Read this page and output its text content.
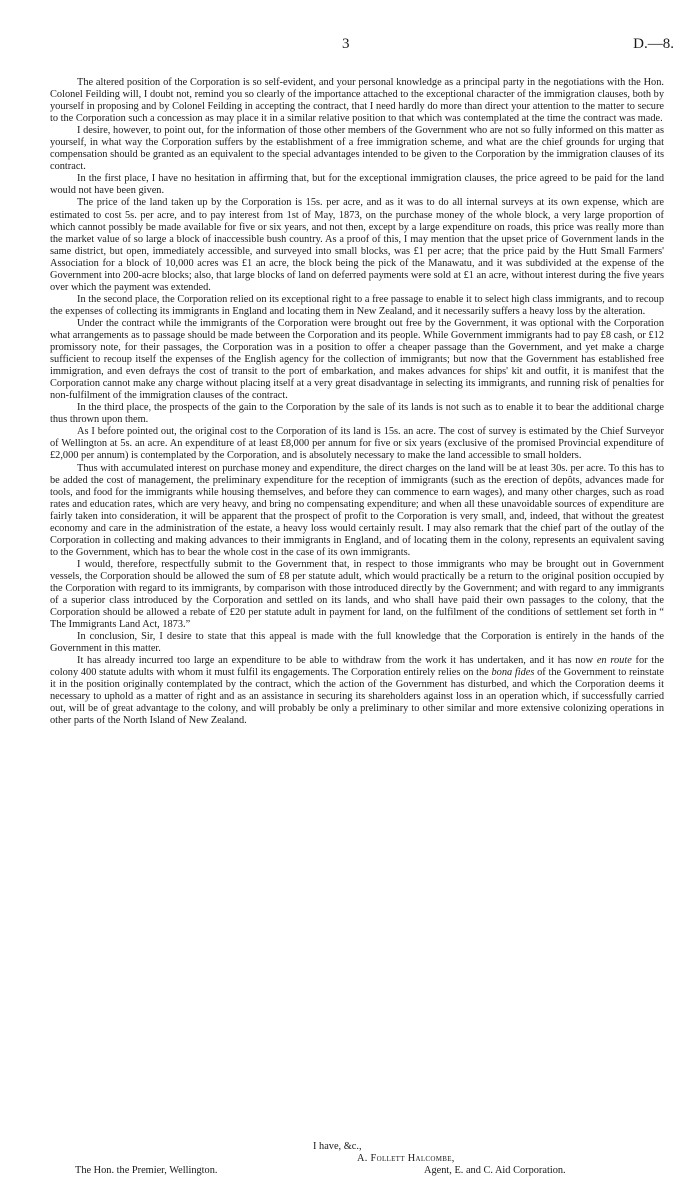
3	D.—8.

The altered position of the Corporation is so self-evident, and your personal knowledge as a principal party in the negotiations with the Hon. Colonel Feilding will, I doubt not, remind you so clearly of the importance attached to the exceptional character of the immigration clauses, both by yourself in proposing and by Colonel Feilding in accepting the contract, that I need hardly do more than direct your attention to the matter to secure to the Corporation such a concession as may place it in a similar relative position to that which was contemplated at the time the contract was made.

I desire, however, to point out, for the information of those other members of the Government who are not so fully informed on this matter as yourself, in what way the Corporation suffers by the establishment of a free immigration scheme, and what are the chief grounds for urging that compensation should be granted as an equivalent to the special advantages intended to be given to the Corporation by the immigration clauses of its contract.

In the first place, I have no hesitation in affirming that, but for the exceptional immigration clauses, the price agreed to be paid for the land would not have been given.

The price of the land taken up by the Corporation is 15s. per acre, and as it was to do all internal surveys at its own expense, which are estimated to cost 5s. per acre, and to pay interest from 1st of May, 1873, on the purchase money of the whole block, a very large proportion of which cannot possibly be made available for five or six years, and not then, except by a large expenditure on roads, this price was really more than the market value of so large a block of inaccessible bush country. As a proof of this, I may mention that the upset price of Government lands in the same district, but open, immediately accessible, and surveyed into small blocks, was £1 per acre; that the price paid by the Hutt Small Farmers' Association for a block of 10,000 acres was £1 an acre, the block being the pick of the Manawatu, and it was subdivided at the expense of the Government into 200-acre blocks; also, that large blocks of land on deferred payments were sold at £1 an acre, without interest during the five years over which the payment was extended.

In the second place, the Corporation relied on its exceptional right to a free passage to enable it to select high class immigrants, and to recoup the expenses of collecting its immigrants in England and locating them in New Zealand, and it necessarily suffers a heavy loss by the alteration.

Under the contract while the immigrants of the Corporation were brought out free by the Government, it was optional with the Corporation what arrangements as to passage should be made between the Corporation and its people. While Government immigrants had to pay £8 cash, or £12 promissory note, for their passages, the Corporation was in a position to offer a cheaper passage than the Government, and yet make a charge sufficient to recoup itself the expenses of the English agency for the collection of immigrants; but now that the Government has established free immigration, and even defrays the cost of transit to the port of embarkation, and makes advances for ships' kit and outfit, it is manifest that the Corporation cannot make any charge without placing itself at a very great disadvantage in selecting its immigrants, and running risk of penalties for non-fulfilment of the immigration clauses of the contract.

In the third place, the prospects of the gain to the Corporation by the sale of its lands is not such as to enable it to bear the additional charge thus thrown upon them.

As I before pointed out, the original cost to the Corporation of its land is 15s. an acre. The cost of survey is estimated by the Chief Surveyor of Wellington at 5s. an acre. An expenditure of at least £8,000 per annum for five or six years (exclusive of the promised Provincial expenditure of £2,000 per annum) is contemplated by the Corporation, and is absolutely necessary to make the land accessible to small holders.

Thus with accumulated interest on purchase money and expenditure, the direct charges on the land will be at least 30s. per acre. To this has to be added the cost of management, the preliminary expenditure for the reception of immigrants (such as the erection of depôts, advances made for tools, and food for the immigrants while housing themselves, and before they can commence to earn wages), and many other charges, such as road rates and education rates, which are very heavy, and bring no compensating expenditure; and when all these unavoidable sources of expenditure are fairly taken into consideration, it will be apparent that the prospect of profit to the Corporation is very small, and, indeed, that without the greatest economy and care in the administration of the estate, a heavy loss would certainly result. I may also remark that the chief part of the outlay of the Corporation in collecting and making advances to their immigrants in England, and of locating them in the colony, represents an equivalent saving to the Government, which has to bear the whole cost in the case of its own immigrants.

I would, therefore, respectfully submit to the Government that, in respect to those immigrants who may be brought out in Government vessels, the Corporation should be allowed the sum of £8 per statute adult, which would practically be a return to the original position occupied by the Corporation with regard to its immigrants, by comparison with those introduced directly by the Government; and with regard to any immigrants of a superior class introduced by the Corporation and settled on its lands, and who shall have paid their own passages to the colony, that the Corporation should be allowed a rebate of £20 per statute adult in payment for land, on the fulfilment of the conditions of settlement set forth in “ The Immigrants Land Act, 1873.”

In conclusion, Sir, I desire to state that this appeal is made with the full knowledge that the Corporation is entirely in the hands of the Government in this matter.

It has already incurred too large an expenditure to be able to withdraw from the work it has undertaken, and it has now en route for the colony 400 statute adults with whom it must fulfil its engagements. The Corporation entirely relies on the bona fides of the Government to reinstate it in the position originally contemplated by the contract, which the action of the Government has disturbed, and which the Corporation deems it necessary to uphold as a matter of right and as an assistance in securing its shareholders against loss in an operation which, if successfully carried out, will be of great advantage to the colony, and will probably be only a preliminary to other similar and more extensive colonizing operations in other parts of the North Island of New Zealand.

I have, &c.,
A. Follett Halcombe,
The Hon. the Premier, Wellington.	Agent, E. and C. Aid Corporation.
